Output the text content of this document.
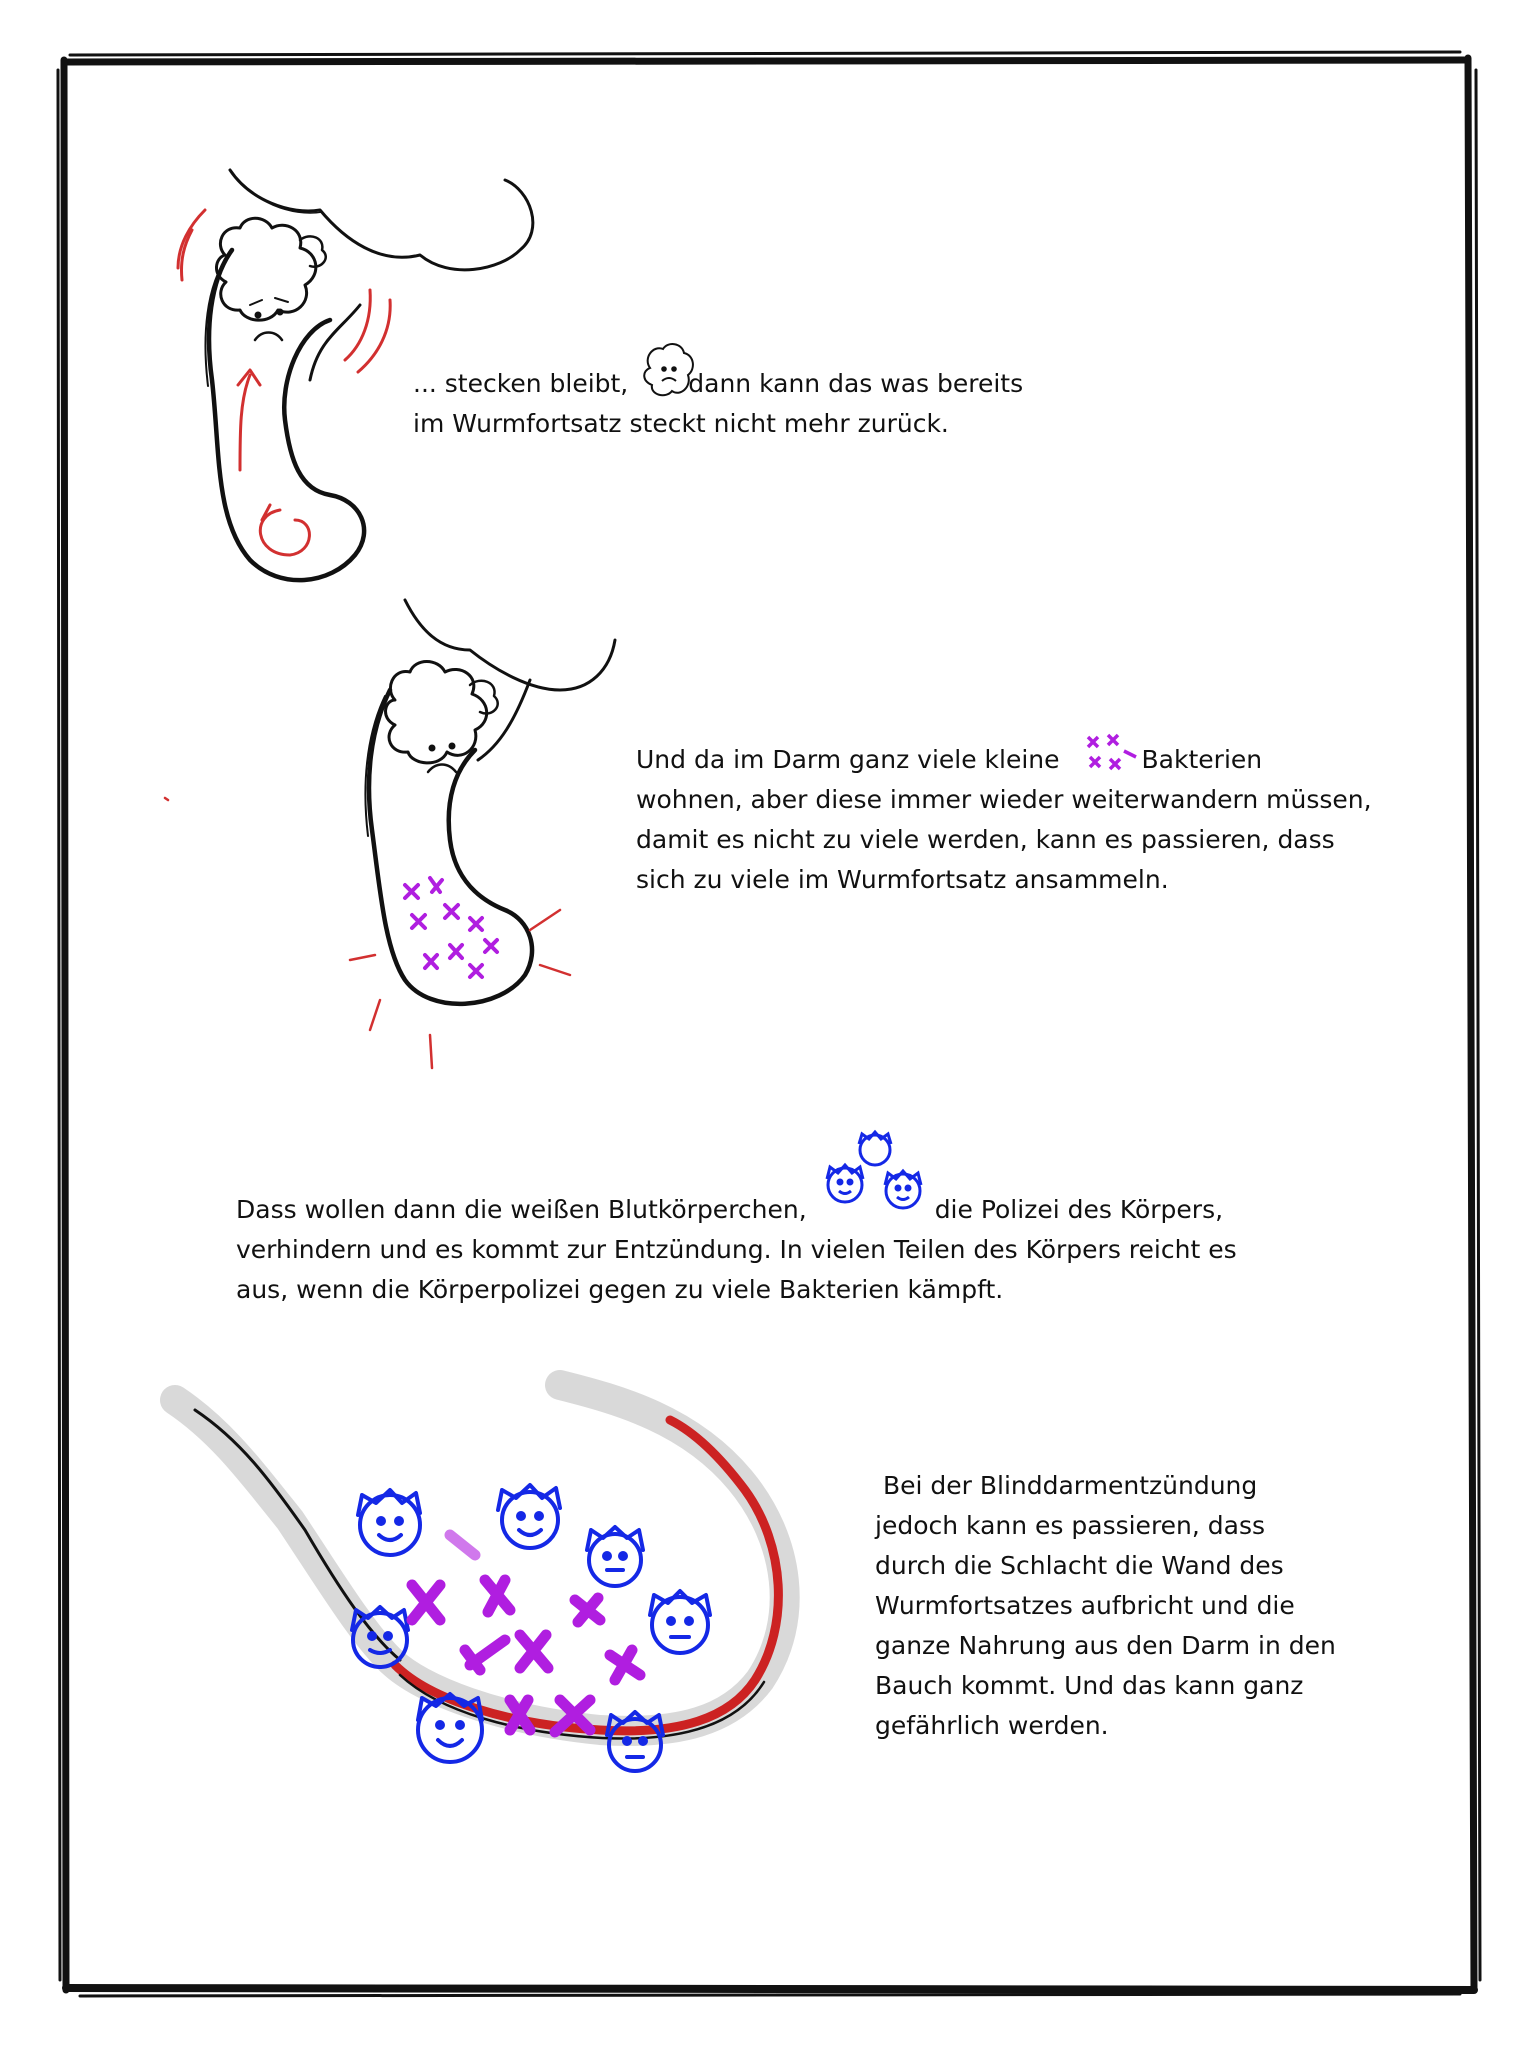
... stecken bleibt, dann kann das was bereits
im Wurmfortsatz steckt nicht mehr zurück.
Und da im Darm ganz viele kleine	Bakterien
wohnen, aber diese immer wieder weiterwandern müssen,
damit es nicht zu viele werden, kann es passieren, dass
sich zu viele im Wurmfortsatz ansammeln.
Dass wollen dann die weißen Blutkörperchen,	die Polizei des Körpers,
verhindern und es kommt zur Entzündung. In vielen Teilen des Körpers reicht es
aus, wenn die Körperpolizei gegen zu viele Bakterien kämpft.
Bei der Blinddarmentzündung
jedoch kann es passieren, dass
durch die Schlacht die Wand des
Wurmfortsatzes aufbricht und die
ganze Nahrung aus den Darm in den
Bauch kommt. Und das kann ganz
gefährlich werden.
